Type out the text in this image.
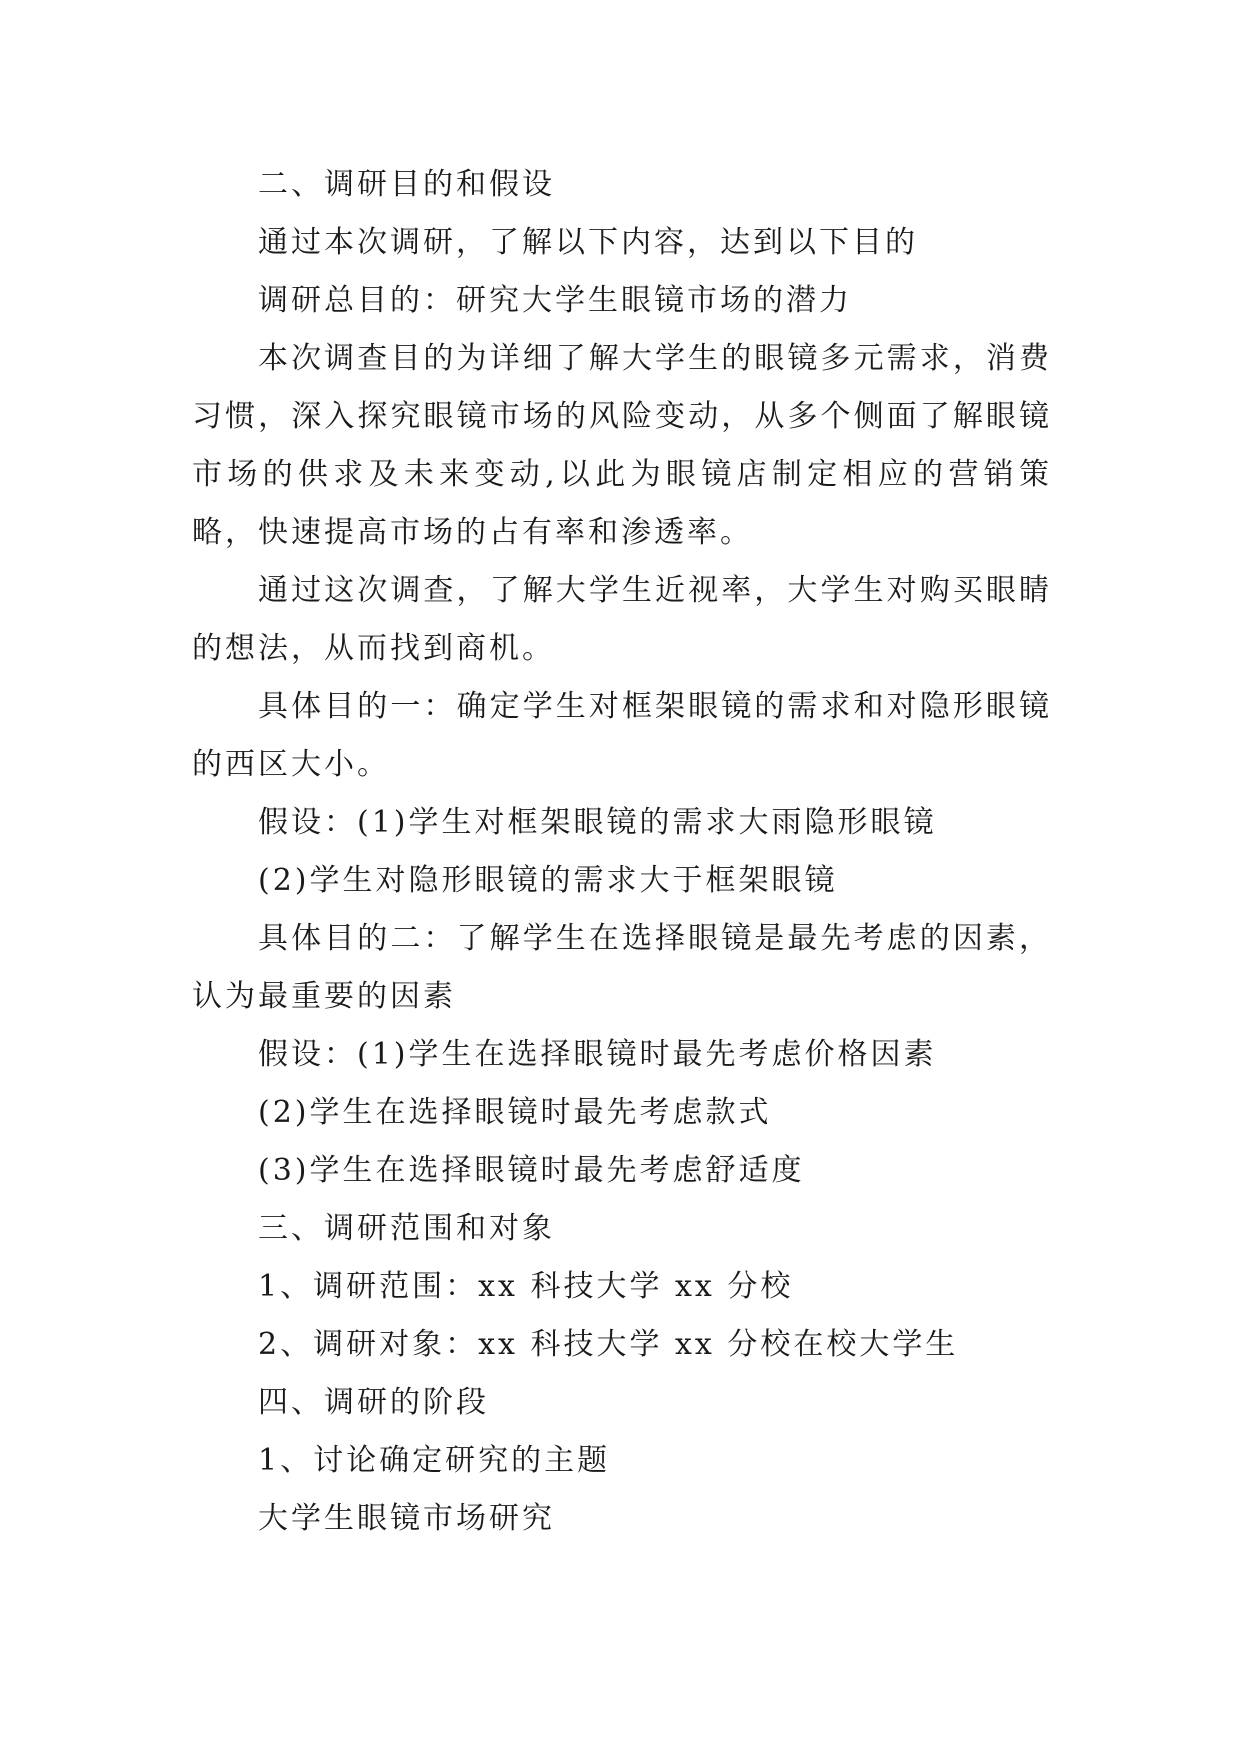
二、调研目的和假设

通过本次调研，了解以下内容，达到以下目的

调研总目的：研究大学生眼镜市场的潜力

本次调查目的为详细了解大学生的眼镜多元需求，消费习惯，深入探究眼镜市场的风险变动，从多个侧面了解眼镜市场的供求及未来变动,以此为眼镜店制定相应的营销策略，快速提高市场的占有率和渗透率。

通过这次调查，了解大学生近视率，大学生对购买眼睛的想法，从而找到商机。

具体目的一：确定学生对框架眼镜的需求和对隐形眼镜的西区大小。

假设：(1)学生对框架眼镜的需求大雨隐形眼镜

(2)学生对隐形眼镜的需求大于框架眼镜

具体目的二：了解学生在选择眼镜是最先考虑的因素，认为最重要的因素

假设：(1)学生在选择眼镜时最先考虑价格因素

(2)学生在选择眼镜时最先考虑款式

(3)学生在选择眼镜时最先考虑舒适度

三、调研范围和对象

1、调研范围：xx 科技大学 xx 分校

2、调研对象：xx 科技大学 xx 分校在校大学生

四、调研的阶段

1、讨论确定研究的主题

大学生眼镜市场研究
